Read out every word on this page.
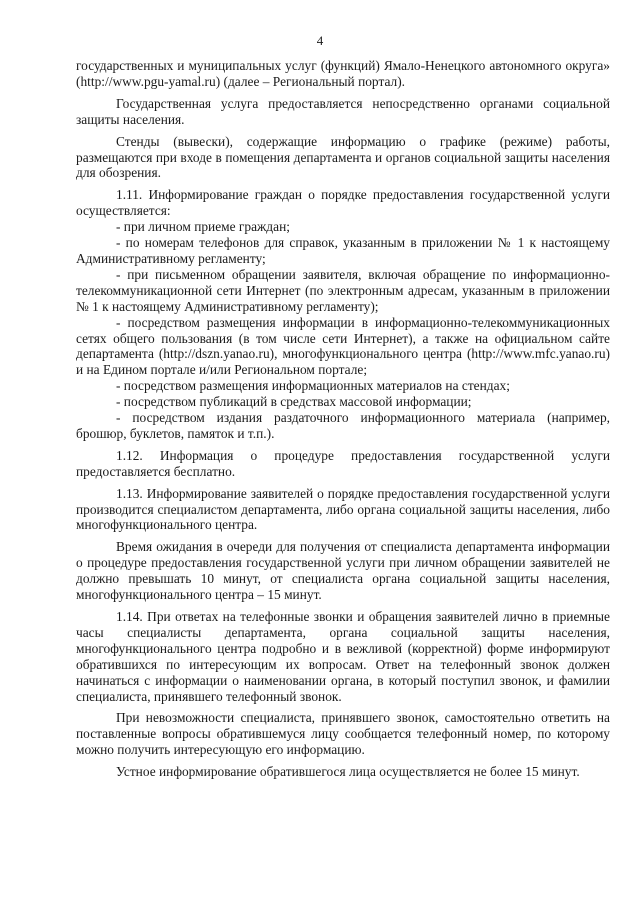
4

государственных и муниципальных услуг (функций) Ямало-Ненецкого автономного округа» (http://www.pgu-yamal.ru) (далее – Региональный портал).

Государственная услуга предоставляется непосредственно органами социальной защиты населения.

Стенды (вывески), содержащие информацию о графике (режиме) работы, размещаются при входе в помещения департамента и органов социальной защиты населения для обозрения.

1.11. Информирование граждан о порядке предоставления государственной услуги осуществляется:

- при личном приеме граждан;

- по номерам телефонов для справок, указанным в приложении № 1 к настоящему Административному регламенту;

- при письменном обращении заявителя, включая обращение по информационно-телекоммуникационной сети Интернет (по электронным адресам, указанным в приложении № 1 к настоящему Административному регламенту);

- посредством размещения информации в информационно-телекоммуникационных сетях общего пользования (в том числе сети Интернет), а также на официальном сайте департамента (http://dszn.yanao.ru), многофункционального центра (http://www.mfc.yanao.ru) и на Едином портале и/или Региональном портале;

- посредством размещения информационных материалов на стендах;

- посредством публикаций в средствах массовой информации;

- посредством издания раздаточного информационного материала (например, брошюр, буклетов, памяток и т.п.).

1.12. Информация о процедуре предоставления государственной услуги предоставляется бесплатно.

1.13. Информирование заявителей о порядке предоставления государственной услуги производится специалистом департамента, либо органа социальной защиты населения, либо многофункционального центра.

Время ожидания в очереди для получения от специалиста департамента информации о процедуре предоставления государственной услуги при личном обращении заявителей не должно превышать 10 минут, от специалиста органа социальной защиты населения, многофункционального центра – 15 минут.

1.14. При ответах на телефонные звонки и обращения заявителей лично в приемные часы специалисты департамента, органа социальной защиты населения, многофункционального центра подробно и в вежливой (корректной) форме информируют обратившихся по интересующим их вопросам. Ответ на телефонный звонок должен начинаться с информации о наименовании органа, в который поступил звонок, и фамилии специалиста, принявшего телефонный звонок.

При невозможности специалиста, принявшего звонок, самостоятельно ответить на поставленные вопросы обратившемуся лицу сообщается телефонный номер, по которому можно получить интересующую его информацию.

Устное информирование обратившегося лица осуществляется не более 15 минут.
